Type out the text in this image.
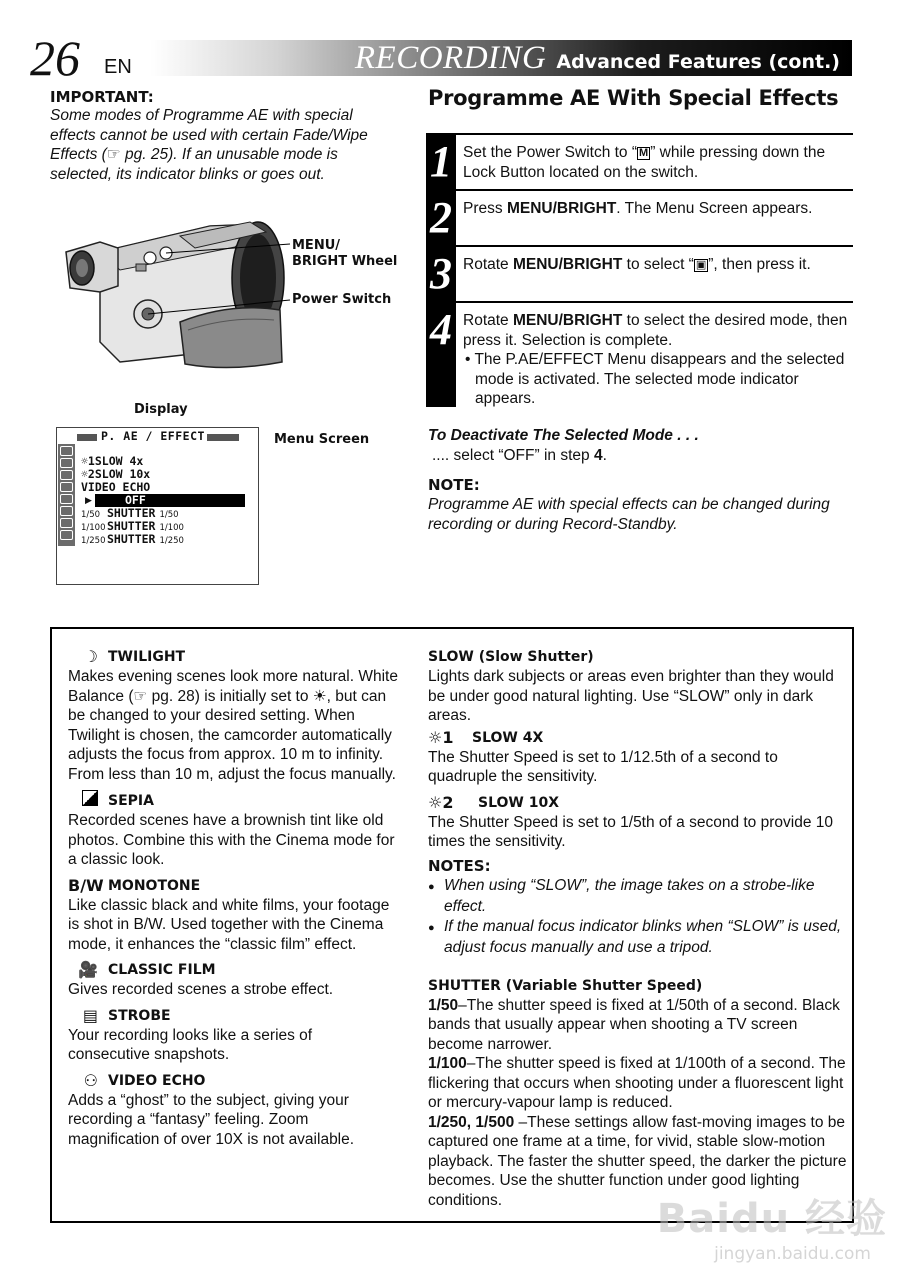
26 EN	RECORDING Advanced Features (cont.)
IMPORTANT:

Some modes of Programme AE with special effects cannot be used with certain Fade/Wipe Effects (☞ pg. 25). If an unusable mode is selected, its indicator blinks or goes out.

MENU/
BRIGHT Wheel
Power Switch
Display
Menu Screen
P. AE / EFFECT
☼1SLOW 4x
☼2SLOW 10x
VIDEO ECHO
▶	OFF
1/50 SHUTTER 1/50
1/100 SHUTTER 1/100
1/250 SHUTTER 1/250
Programme AE With Special Effects
1 Set the Power Switch to “ M ” while pressing down the Lock Button located on the switch.
2 Press MENU/BRIGHT. The Menu Screen appears.
3 Rotate MENU/BRIGHT to select “ ▣ ”, then press it.
4 Rotate MENU/BRIGHT to select the desired mode, then press it. Selection is complete.
• The P.AE/EFFECT Menu disappears and the selected mode is activated. The selected mode indicator appears.
To Deactivate The Selected Mode . . .
.... select “OFF” in step 4.
NOTE:

Programme AE with special effects can be changed during recording or during Record-Standby.

☽ TWILIGHT

Makes evening scenes look more natural. White Balance (☞ pg. 28) is initially set to ☀, but can be changed to your desired setting. When Twilight is chosen, the camcorder automatically adjusts the focus from approx. 10 m to infinity. From less than 10 m, adjust the focus manually.

SEPIA

Recorded scenes have a brownish tint like old photos. Combine this with the Cinema mode for a classic look.

B/W MONOTONE

Like classic black and white films, your footage is shot in B/W. Used together with the Cinema mode, it enhances the “classic film” effect.

🎥 CLASSIC FILM

Gives recorded scenes a strobe effect.

▤ STROBE

Your recording looks like a series of consecutive snapshots.

⚇ VIDEO ECHO

Adds a “ghost” to the subject, giving your recording a “fantasy” feeling. Zoom magnification of over 10X is not available.

SLOW (Slow Shutter)

Lights dark subjects or areas even brighter than they would be under good natural lighting. Use “SLOW” only in dark areas.

☼1	SLOW 4X

The Shutter Speed is set to 1/12.5th of a second to quadruple the sensitivity.

☼2	SLOW 10X

The Shutter Speed is set to 1/5th of a second to provide 10 times the sensitivity.

NOTES:

● When using “SLOW”, the image takes on a strobe-like effect.

● If the manual focus indicator blinks when “SLOW” is used, adjust focus manually and use a tripod.

SHUTTER (Variable Shutter Speed)

1/50–The shutter speed is fixed at 1/50th of a second. Black bands that usually appear when shooting a TV screen become narrower.

1/100–The shutter speed is fixed at 1/100th of a second. The flickering that occurs when shooting under a fluorescent light or mercury-vapour lamp is reduced.

1/250, 1/500 –These settings allow fast-moving images to be captured one frame at a time, for vivid, stable slow-motion playback. The faster the shutter speed, the darker the picture becomes. Use the shutter function under good lighting conditions.	Baidu 经验
jingyan.baidu.com
